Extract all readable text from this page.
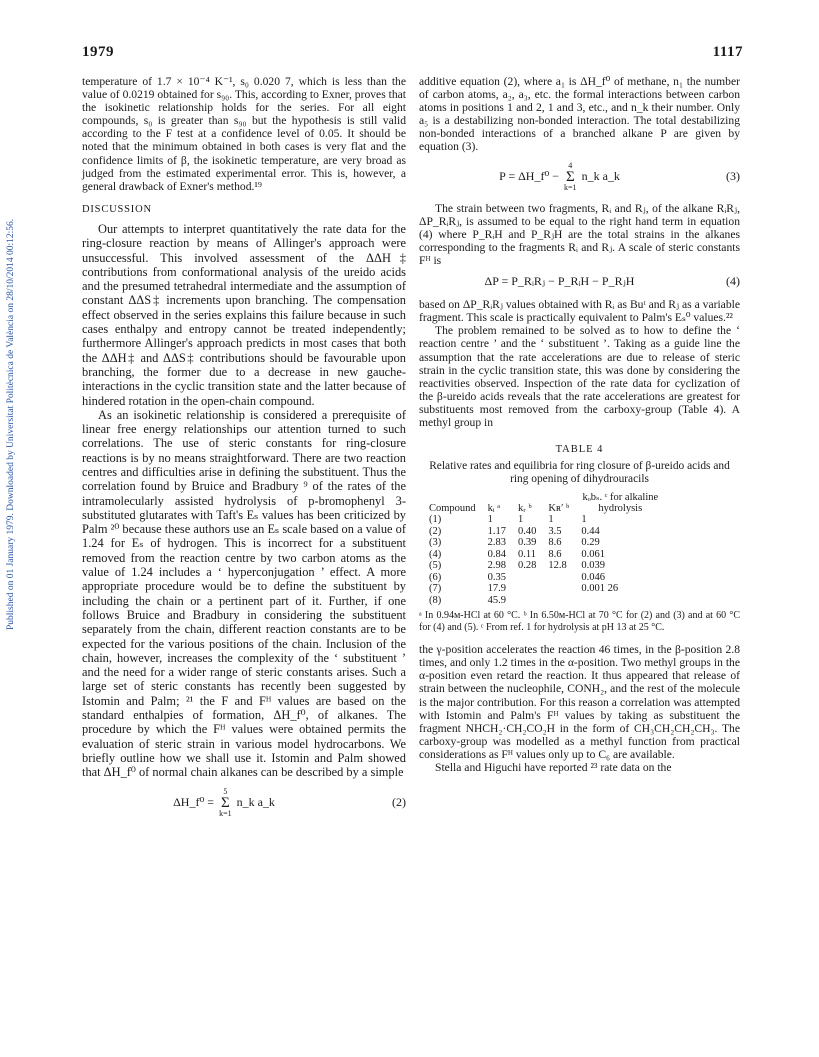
1979	1117
Published on 01 January 1979. Downloaded by Universitat Politècnica de València on 28/10/2014 00:12:56.

temperature of 1.7 × 10⁻⁴ K⁻¹, s₀ 0.020 7, which is less than the value of 0.0219 obtained for s₉₀. This, according to Exner, proves that the isokinetic relationship holds for the series. For all eight compounds, s₀ is greater than s₉₀ but the hypothesis is still valid according to the F test at a confidence level of 0.05. It should be noted that the minimum obtained in both cases is very flat and the confidence limits of β, the isokinetic temperature, are very broad as judged from the estimated experimental error. This is, however, a general drawback of Exner's method.¹⁹

DISCUSSION

Our attempts to interpret quantitatively the rate data for the ring-closure reaction by means of Allinger's approach were unsuccessful. This involved assessment of the ΔΔH‡ contributions from conformational analysis of the ureido acids and the presumed tetrahedral intermediate and the assumption of constant ΔΔS‡ increments upon branching. The compensation effect observed in the series explains this failure because in such cases enthalpy and entropy cannot be treated independently; furthermore Allinger's approach predicts in most cases that both the ΔΔH‡ and ΔΔS‡ contributions should be favourable upon branching, the former due to a decrease in new gauche-interactions in the cyclic transition state and the latter because of hindered rotation in the open-chain compound.

As an isokinetic relationship is considered a prerequisite of linear free energy relationships our attention turned to such correlations. The use of steric constants for ring-closure reactions is by no means straightforward. There are two reaction centres and difficulties arise in defining the substituent. Thus the correlation found by Bruice and Bradbury ⁹ of the rates of the intramolecularly assisted hydrolysis of p-bromophenyl 3-substituted glutarates with Taft's Eₛ values has been criticized by Palm ²⁰ because these authors use an Eₛ scale based on a value of 1.24 for Eₛ of hydrogen. This is incorrect for a substituent removed from the reaction centre by two carbon atoms as the value of 1.24 includes a ‘ hyperconjugation ’ effect. A more appropriate procedure would be to define the substituent by including the chain or a pertinent part of it. Further, if one follows Bruice and Bradbury in considering the substituent separately from the chain, different reaction constants are to be expected for the various positions of the chain. Inclusion of the chain, however, increases the complexity of the ‘ substituent ’ and the need for a wider range of steric constants arises. Such a large set of steric constants has recently been suggested by Istomin and Palm; ²¹ the F and Fᴴ values are based on the standard enthalpies of formation, ΔH_f⁰, of alkanes. The procedure by which the Fᴴ values were obtained permits the evaluation of steric strain in various model hydrocarbons. We briefly outline how we shall use it. Istomin and Palm showed that ΔH_f⁰ of normal chain alkanes can be described by a simple

ΔH_f⁰ =
5
Σ
k=1
n_k a_k	(2)

additive equation (2), where a₁ is ΔH_f⁰ of methane, n₁ the number of carbon atoms, a₂, a₃, etc. the formal interactions between carbon atoms in positions 1 and 2, 1 and 3, etc., and n_k their number. Only a₅ is a destabilizing non-bonded interaction. The total destabilizing non-bonded interactions of a branched alkane P are given by equation (3).

P = ΔH_f⁰ −
4
Σ
k=1
n_k a_k	(3)

The strain between two fragments, Rᵢ and Rⱼ, of the alkane RᵢRⱼ, ΔP_RᵢRⱼ, is assumed to be equal to the right hand term in equation (4) where P_RᵢH and P_RⱼH are the total strains in the alkanes corresponding to the fragments Rᵢ and Rⱼ. A scale of steric constants Fᴴ is

ΔP = P_RᵢRⱼ − P_RᵢH − P_RⱼH	(4)

based on ΔP_RᵢRⱼ values obtained with Rᵢ as Buᵗ and Rⱼ as a variable fragment. This scale is practically equivalent to Palm's Eₛ⁰ values.²²

The problem remained to be solved as to how to define the ‘ reaction centre ’ and the ‘ substituent ’. Taking as a guide line the assumption that the rate accelerations are due to release of steric strain in the cyclic transition state, this was done by considering the reactivities observed. Inspection of the rate data for cyclization of the β-ureido acids reveals that the rate accelerations are greatest for substituents most removed from the carboxy-group (Table 4). A methyl group in

TABLE 4
Relative rates and equilibria for ring closure of β-ureido acids and ring opening of dihydrouracils
Compound	kᵢ ᵃ	kᵣ ᵇ	Kʀ′ ᵇ	kₒbₛ. ᶜ for alkaline hydrolysis
(1)	1	1	1	1
(2)	1.17	0.40	3.5	0.44
(3)	2.83	0.39	8.6	0.29
(4)	0.84	0.11	8.6	0.061
(5)	2.98	0.28	12.8	0.039
(6)	0.35			0.046
(7)	17.9			0.001 26
(8)	45.9			
ᵃ In 0.94ᴍ-HCl at 60 °C. ᵇ In 6.50ᴍ-HCl at 70 °C for (2) and (3) and at 60 °C for (4) and (5). ᶜ From ref. 1 for hydrolysis at pH 13 at 25 °C.

the γ-position accelerates the reaction 46 times, in the β-position 2.8 times, and only 1.2 times in the α-position. Two methyl groups in the α-position even retard the reaction. It thus appeared that release of strain between the nucleophile, CONH₂, and the rest of the molecule is the major contribution. For this reason a correlation was attempted with Istomin and Palm's Fᴴ values by taking as substituent the fragment NHCH₂·CH₂CO₂H in the form of CH₃CH₂CH₂CH₃. The carboxy-group was modelled as a methyl function from practical considerations as Fᴴ values only up to C₆ are available.

Stella and Higuchi have reported ²³ rate data on the
